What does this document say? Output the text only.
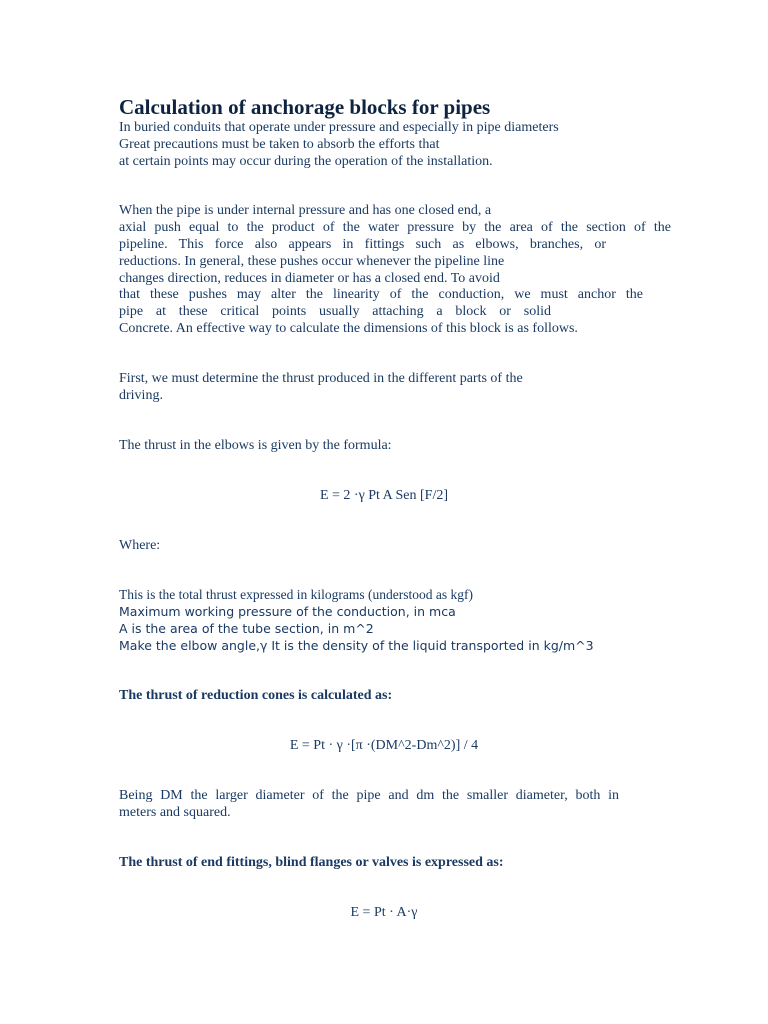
Calculation of anchorage blocks for pipes

In buried conduits that operate under pressure and especially in pipe diameters

Great precautions must be taken to absorb the efforts that

at certain points may occur during the operation of the installation.

When the pipe is under internal pressure and has one closed end, a

axial push equal to the product of the water pressure by the area of the section of the

pipeline. This force also appears in fittings such as elbows, branches, or

reductions. In general, these pushes occur whenever the pipeline line

changes direction, reduces in diameter or has a closed end. To avoid

that these pushes may alter the linearity of the conduction, we must anchor the

pipe at these critical points usually attaching a block or solid

Concrete. An effective way to calculate the dimensions of this block is as follows.

First, we must determine the thrust produced in the different parts of the

driving.

The thrust in the elbows is given by the formula:

E = 2 ·γ Pt A Sen [F/2]

Where:

This is the total thrust expressed in kilograms (understood as kgf)

Maximum working pressure of the conduction, in mca

A is the area of the tube section, in m^2

Make the elbow angle,γ It is the density of the liquid transported in kg/m^3

The thrust of reduction cones is calculated as:

E = Pt · γ ·[π ·(DM^2-Dm^2)] / 4

Being DM the larger diameter of the pipe and dm the smaller diameter, both in

meters and squared.

The thrust of end fittings, blind flanges or valves is expressed as:

E = Pt · A·γ
